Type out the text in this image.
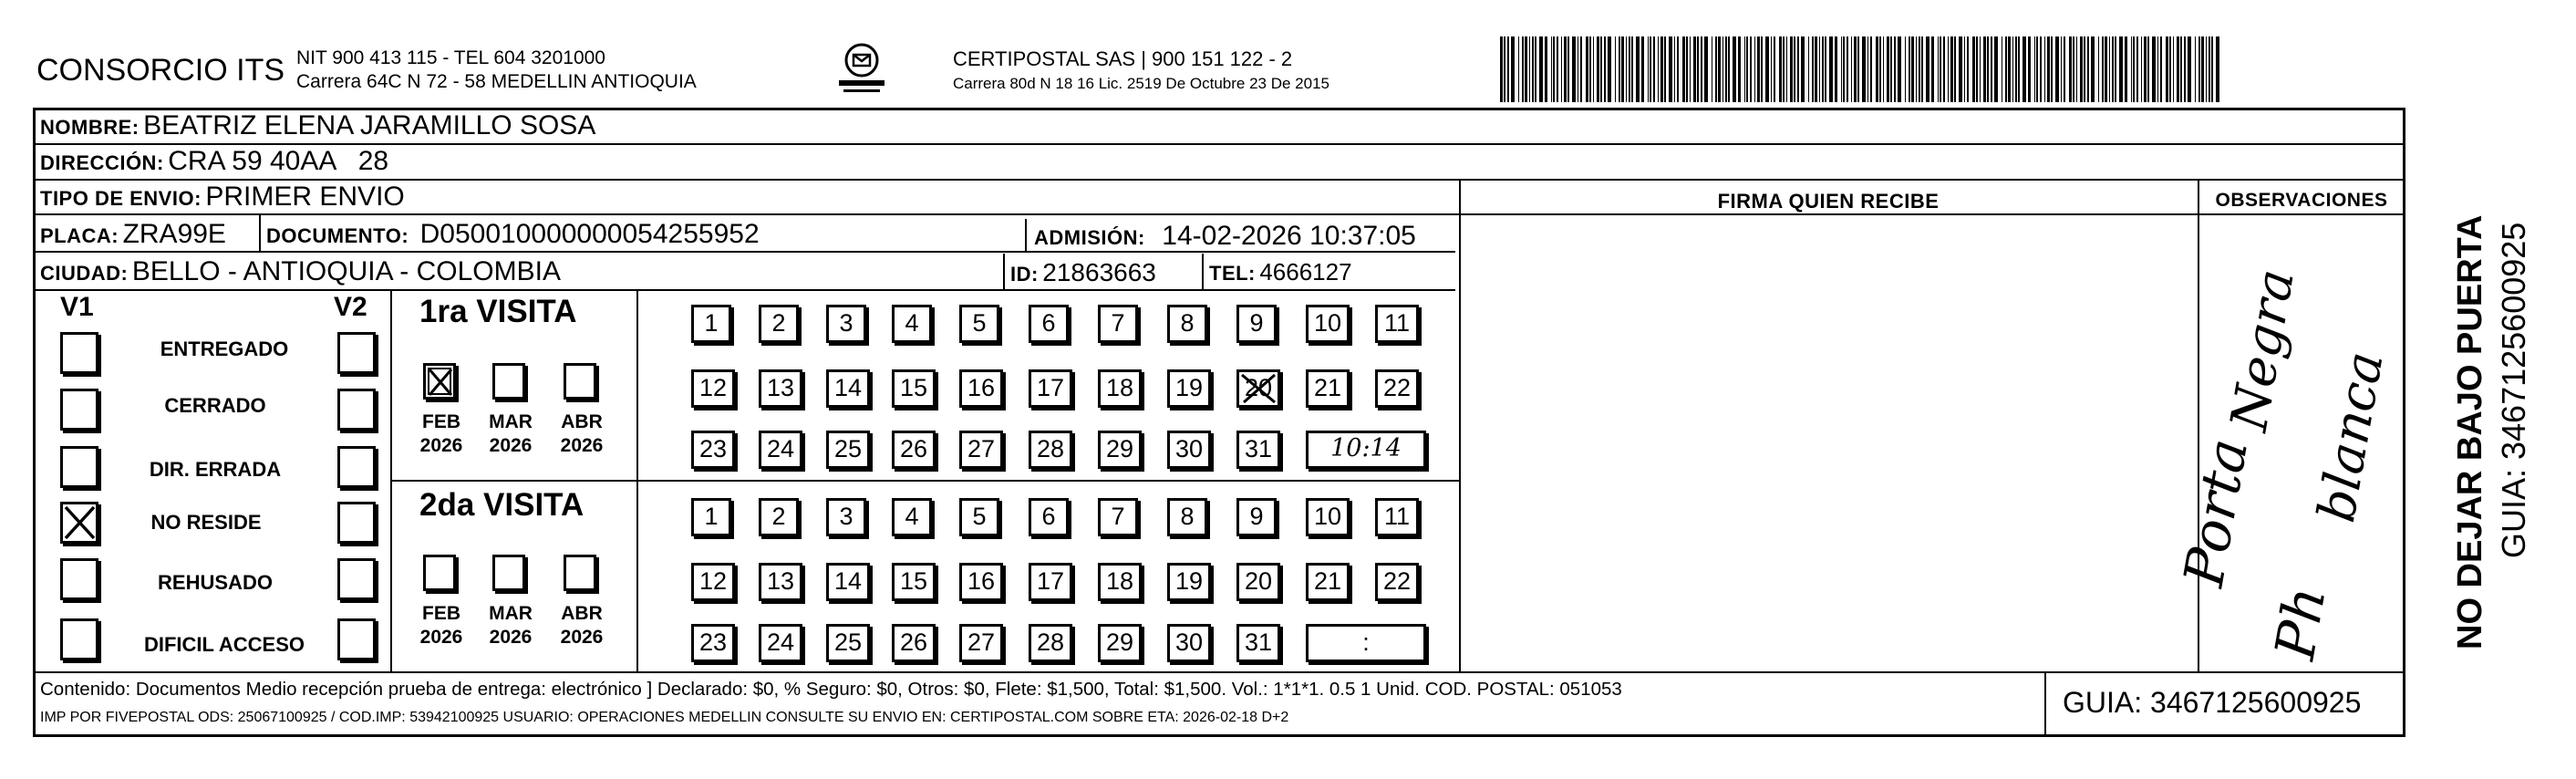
CONSORCIO ITS NIT 900 413 115 - TEL 604 3201000
Carrera 64C N 72 - 58 MEDELLIN ANTIOQUIA
CERTIPOSTAL SAS | 900 151 122 - 2
Carrera 80d N 18 16 Lic. 2519 De Octubre 23 De 2015
NOMBRE: BEATRIZ ELENA JARAMILLO SOSA
DIRECCIÓN: CRA 59 40AA   28
TIPO DE ENVIO: PRIMER ENVIO	FIRMA QUIEN RECIBE	OBSERVACIONES
PLACA: ZRA99E DOCUMENTO: D050010000000054255952	ADMISIÓN: 14-02-2026 10:37:05
CIUDAD: BELLO - ANTIOQUIA - COLOMBIA	ID: 21863663	TEL: 4666127
V1	V2
ENTREGADO
CERRADO
DIR. ERRADA
NO RESIDE
REHUSADO
DIFICIL ACCESO
1ra VISITA
FEB
2026
MAR
2026
ABR
2026
1	2	3	4	5	6	7	8	9	10	11
12	13	14	15	16	17	18	19	20	21	22
23	24	25	26	27	28	29	30	31	10:14
2da VISITA
FEB
2026
MAR
2026
ABR
2026
1	2	3	4	5	6	7	8	9	10	11
12	13	14	15	16	17	18	19	20	21	22
23	24	25	26	27	28	29	30	31	:
Porta
Negra
Ph
blanca
Contenido: Documentos Medio recepción prueba de entrega: electrónico ] Declarado: $0, % Seguro: $0, Otros: $0, Flete: $1,500, Total: $1,500. Vol.: 1*1*1. 0.5 1 Unid. COD. POSTAL: 051053
IMP POR FIVEPOSTAL ODS: 25067100925 / COD.IMP: 53942100925 USUARIO: OPERACIONES MEDELLIN CONSULTE SU ENVIO EN: CERTIPOSTAL.COM SOBRE ETA: 2026-02-18 D+2	GUIA: 3467125600925
NO DEJAR BAJO PUERTA GUIA: 3467125600925
